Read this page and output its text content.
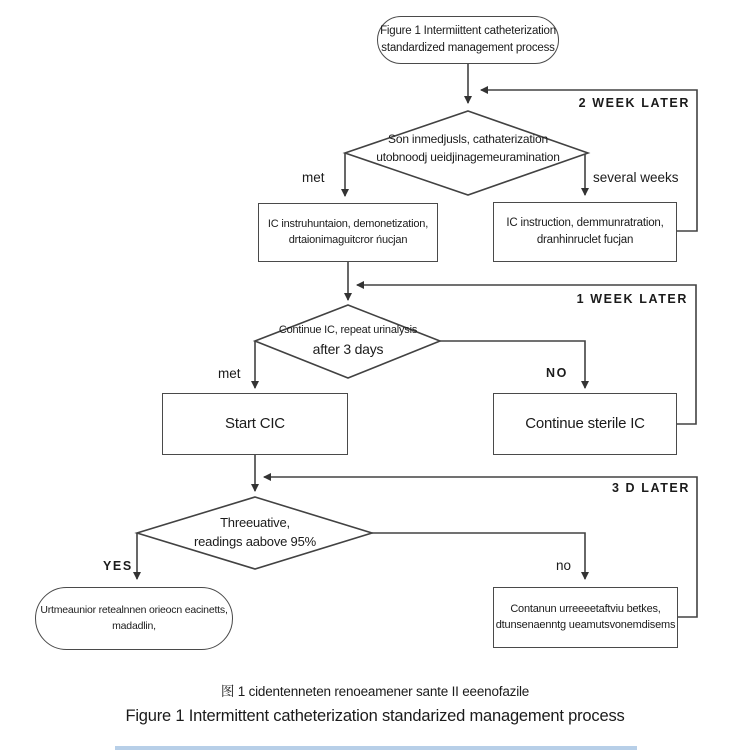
Figure 1 Intermiittent catheterization
standardized management process
Son inmedjusls, cathaterization
utobnoodj ueidjinagemeuramination
met	several weeks
2 WEEK LATER
IC instruhuntaion, demonetization,
drtaionimaguitcror ńucjan
IC instruction, demmunratration,
dranhinruclet fucjan
Continue IC, repeat urinalysis
after 3 days
met	NO
1 WEEK LATER
Start CIC	Continue sterile IC
Threeuative,
readings aabove 95%
YES	no
3 D LATER
Urtmeaunior retealnnen orieocn eacinetts,
madadlin,
Contanun urreeeetaftviu betkes,
dtunsenaenntg ueamutsvonemdisems
图 1 cidentenneten renoeamener sante II eeenofazile
Figure 1 Intermittent catheterization standarized management process
